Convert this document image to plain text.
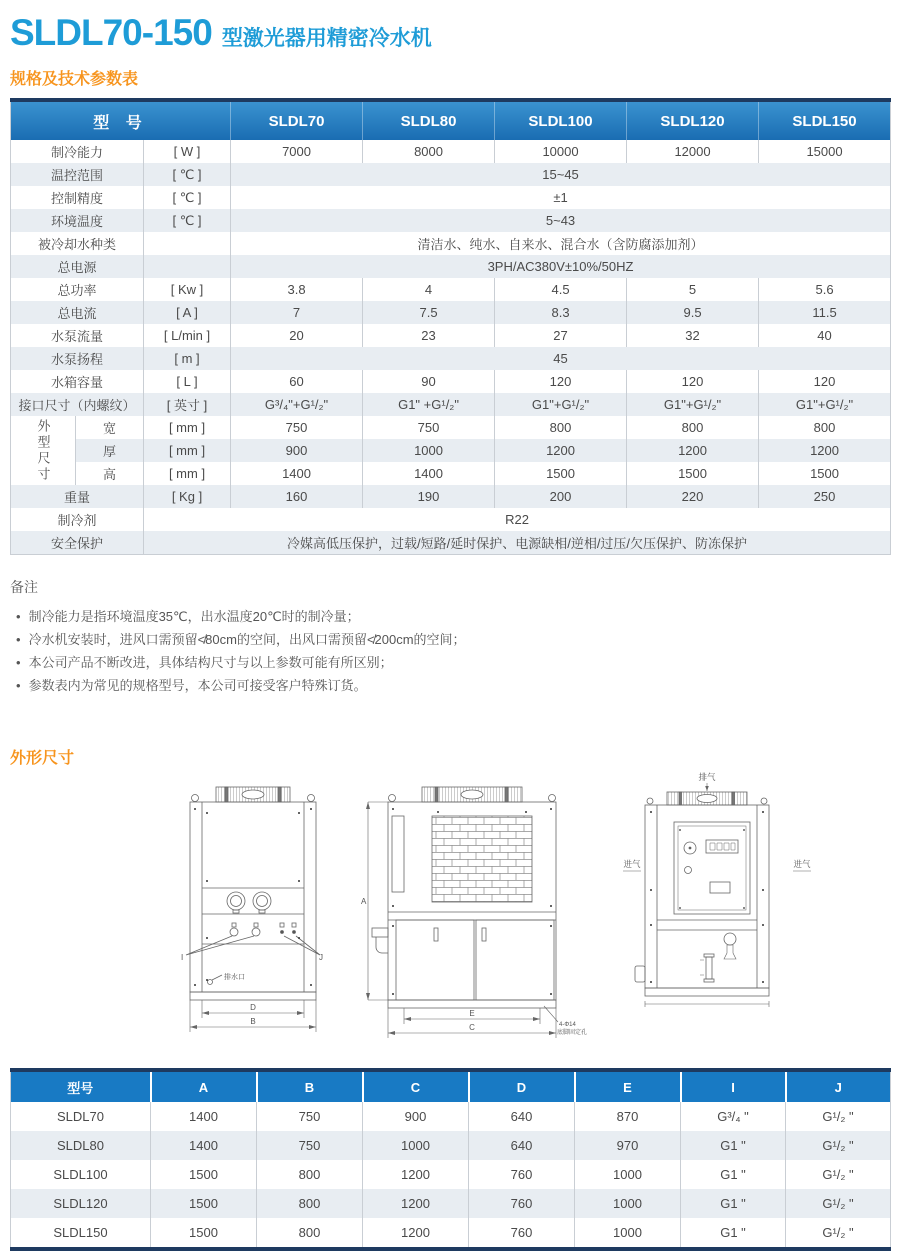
SLDL70-150 型激光器用精密冷水机
规格及技术参数表
型 号			SLDL70	SLDL80	SLDL100	SLDL120	SLDL150
制冷能力		[ W ]	7000	8000	10000	12000	15000
温控范围		[ ℃ ]	15~45				
控制精度		[ ℃ ]	±1				
环境温度		[ ℃ ]	5~43				
被冷却水种类			清洁水、纯水、自来水、混合水（含防腐添加剂）				
总电源			3PH/AC380V±10%/50HZ				
总功率		[ Kw ]	3.8	4	4.5	5	5.6
总电流		[ A ]	7	7.5	8.3	9.5	11.5
水泵流量		[ L/min ]	20	23	27	32	40
水泵扬程		[ m ]	45				
水箱容量		[ L ]	60	90	120	120	120
接口尺寸（内螺纹）		[ 英寸 ]	G³/₄"+G¹/₂"	G1" +G¹/₂"	G1"+G¹/₂"	G1"+G¹/₂"	G1"+G¹/₂"

外型尺寸	宽	[ mm ]	750	750	800	800	800
	厚	[ mm ]	900	1000	1200	1200	1200
	高	[ mm ]	1400	1400	1500	1500	1500
重量		[ Kg ]	160	190	200	220	250
制冷剂		R22					
安全保护		冷媒高低压保护，过载/短路/延时保护、电源缺相/逆相/过压/欠压保护、防冻保护					
备注
• 制冷能力是指环境温度35℃，出水温度20℃时的制冷量；
• 冷水机安装时，进风口需预留≮80cm的空间，出风口需预留≮200cm的空间；
• 本公司产品不断改进，具体结构尺寸与以上参数可能有所区别；
• 参数表内为常见的规格型号，本公司可接受客户特殊订货。
外形尺寸
I	J
排水口
D
B
A
E
C	4-Φ14
底脚固定孔
排气
进气	进气
型号	A	B	C	D	E	I	J
SLDL70	1400	750	900	640	870	G³/₄ "	G¹/₂ "
SLDL80	1400	750	1000	640	970	G1 "	G¹/₂ "
SLDL100	1500	800	1200	760	1000	G1 "	G¹/₂ "
SLDL120	1500	800	1200	760	1000	G1 "	G¹/₂ "
SLDL150	1500	800	1200	760	1000	G1 "	G¹/₂ "
